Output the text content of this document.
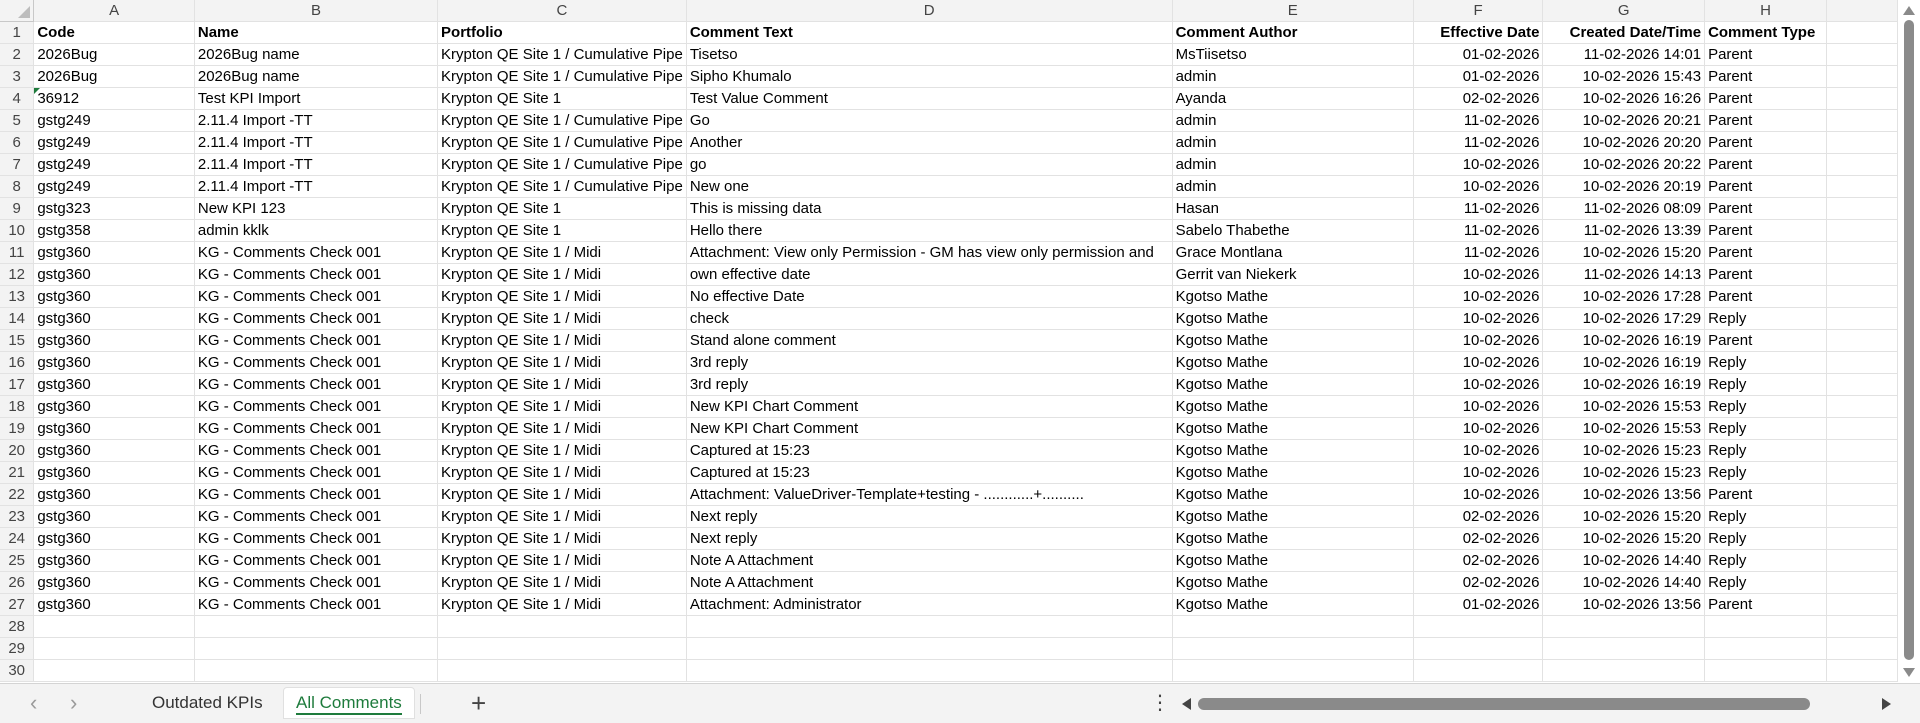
	A	B	C	D	E	F	G	H	
1	Code	Name	Portfolio	Comment Text	Comment Author	Effective Date	Created Date/Time	Comment Type	
2	2026Bug	2026Bug name	Krypton QE Site 1 / Cumulative Pipe	Tisetso	MsTiisetso	01-02-2026	11-02-2026 14:01	Parent	
3	2026Bug	2026Bug name	Krypton QE Site 1 / Cumulative Pipe	Sipho Khumalo	admin	01-02-2026	10-02-2026 15:43	Parent	
4	36912	Test KPI Import	Krypton QE Site 1	Test Value Comment	Ayanda	02-02-2026	10-02-2026 16:26	Parent	
5	gstg249	2.11.4 Import -TT	Krypton QE Site 1 / Cumulative Pipe	Go	admin	11-02-2026	10-02-2026 20:21	Parent	
6	gstg249	2.11.4 Import -TT	Krypton QE Site 1 / Cumulative Pipe	Another	admin	11-02-2026	10-02-2026 20:20	Parent	
7	gstg249	2.11.4 Import -TT	Krypton QE Site 1 / Cumulative Pipe	go	admin	10-02-2026	10-02-2026 20:22	Parent	
8	gstg249	2.11.4 Import -TT	Krypton QE Site 1 / Cumulative Pipe	New one	admin	10-02-2026	10-02-2026 20:19	Parent	
9	gstg323	New KPI 123	Krypton QE Site 1	This is missing data	Hasan	11-02-2026	11-02-2026 08:09	Parent	
10	gstg358	admin kklk	Krypton QE Site 1	Hello there	Sabelo Thabethe	11-02-2026	11-02-2026 13:39	Parent	
11	gstg360	KG - Comments Check 001	Krypton QE Site 1 / Midi	Attachment: View only Permission - GM has view only permission and	Grace Montlana	11-02-2026	10-02-2026 15:20	Parent	
12	gstg360	KG - Comments Check 001	Krypton QE Site 1 / Midi	own effective date	Gerrit van Niekerk	10-02-2026	11-02-2026 14:13	Parent	
13	gstg360	KG - Comments Check 001	Krypton QE Site 1 / Midi	No effective Date	Kgotso Mathe	10-02-2026	10-02-2026 17:28	Parent	
14	gstg360	KG - Comments Check 001	Krypton QE Site 1 / Midi	check	Kgotso Mathe	10-02-2026	10-02-2026 17:29	Reply	
15	gstg360	KG - Comments Check 001	Krypton QE Site 1 / Midi	Stand alone comment	Kgotso Mathe	10-02-2026	10-02-2026 16:19	Parent	
16	gstg360	KG - Comments Check 001	Krypton QE Site 1 / Midi	3rd reply	Kgotso Mathe	10-02-2026	10-02-2026 16:19	Reply	
17	gstg360	KG - Comments Check 001	Krypton QE Site 1 / Midi	3rd reply	Kgotso Mathe	10-02-2026	10-02-2026 16:19	Reply	
18	gstg360	KG - Comments Check 001	Krypton QE Site 1 / Midi	New KPI Chart Comment	Kgotso Mathe	10-02-2026	10-02-2026 15:53	Reply	
19	gstg360	KG - Comments Check 001	Krypton QE Site 1 / Midi	New KPI Chart Comment	Kgotso Mathe	10-02-2026	10-02-2026 15:53	Reply	
20	gstg360	KG - Comments Check 001	Krypton QE Site 1 / Midi	Captured at 15:23	Kgotso Mathe	10-02-2026	10-02-2026 15:23	Reply	
21	gstg360	KG - Comments Check 001	Krypton QE Site 1 / Midi	Captured at 15:23	Kgotso Mathe	10-02-2026	10-02-2026 15:23	Reply	
22	gstg360	KG - Comments Check 001	Krypton QE Site 1 / Midi	Attachment: ValueDriver-Template+testing - ............+..........	Kgotso Mathe	10-02-2026	10-02-2026 13:56	Parent	
23	gstg360	KG - Comments Check 001	Krypton QE Site 1 / Midi	Next reply	Kgotso Mathe	02-02-2026	10-02-2026 15:20	Reply	
24	gstg360	KG - Comments Check 001	Krypton QE Site 1 / Midi	Next reply	Kgotso Mathe	02-02-2026	10-02-2026 15:20	Reply	
25	gstg360	KG - Comments Check 001	Krypton QE Site 1 / Midi	Note A Attachment	Kgotso Mathe	02-02-2026	10-02-2026 14:40	Reply	
26	gstg360	KG - Comments Check 001	Krypton QE Site 1 / Midi	Note A Attachment	Kgotso Mathe	02-02-2026	10-02-2026 14:40	Reply	
27	gstg360	KG - Comments Check 001	Krypton QE Site 1 / Midi	Attachment: Administrator	Kgotso Mathe	01-02-2026	10-02-2026 13:56	Parent	
28									
29									
30									
‹ ›	Outdated KPIs	All Comments	+	⋮
